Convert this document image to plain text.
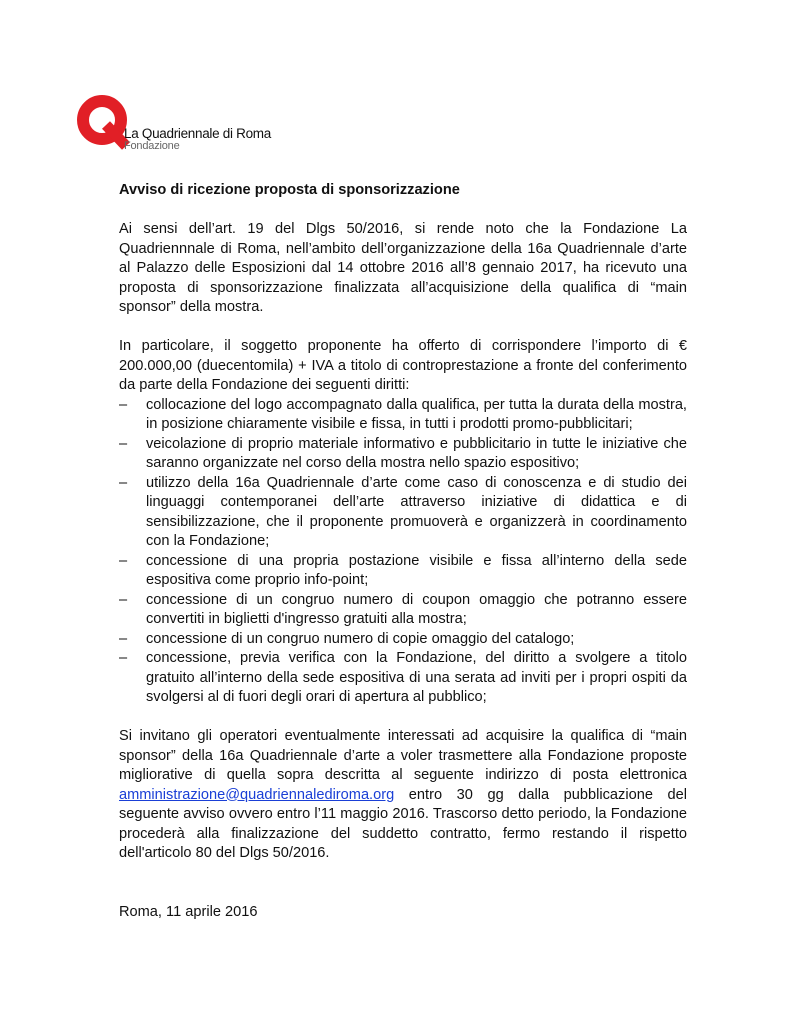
La Quadriennale di Roma
Fondazione
Avviso di ricezione proposta di sponsorizzazione

Ai sensi dell’art. 19 del Dlgs 50/2016, si rende noto che la Fondazione La Quadriennnale di Roma, nell’ambito dell’organizzazione della 16a Quadriennale d’arte al Palazzo delle Esposizioni dal 14 ottobre 2016 all’8 gennaio 2017, ha ricevuto una proposta di sponsorizzazione finalizzata all’acquisizione della qualifica di “main sponsor” della mostra.

In particolare, il soggetto proponente ha offerto di corrispondere l’importo di € 200.000,00 (duecentomila) + IVA a titolo di controprestazione a fronte del conferimento da parte della Fondazione dei seguenti diritti:

– collocazione del logo accompagnato dalla qualifica, per tutta la durata della mostra, in posizione chiaramente visibile e fissa, in tutti i prodotti promo-pubblicitari;
– veicolazione di proprio materiale informativo e pubblicitario in tutte le iniziative che saranno organizzate nel corso della mostra nello spazio espositivo;
– utilizzo della 16a Quadriennale d’arte come caso di conoscenza e di studio dei linguaggi contemporanei dell’arte attraverso iniziative di didattica e di sensibilizzazione, che il proponente promuoverà e organizzerà in coordinamento con la Fondazione;
– concessione di una propria postazione visibile e fissa all’interno della sede espositiva come proprio info-point;
– concessione di un congruo numero di coupon omaggio che potranno essere convertiti in biglietti d'ingresso gratuiti alla mostra;
– concessione di un congruo numero di copie omaggio del catalogo;
– concessione, previa verifica con la Fondazione, del diritto a svolgere a titolo gratuito all’interno della sede espositiva di una serata ad inviti per i propri ospiti da svolgersi al di fuori degli orari di apertura al pubblico;

Si invitano gli operatori eventualmente interessati ad acquisire la qualifica di “main sponsor” della 16a Quadriennale d’arte a voler trasmettere alla Fondazione proposte migliorative di quella sopra descritta al seguente indirizzo di posta elettronica amministrazione@quadriennalediroma.org entro 30 gg dalla pubblicazione del seguente avviso ovvero entro l’11 maggio 2016. Trascorso detto periodo, la Fondazione procederà alla finalizzazione del suddetto contratto, fermo restando il rispetto dell'articolo 80 del Dlgs 50/2016.

Roma, 11 aprile 2016
